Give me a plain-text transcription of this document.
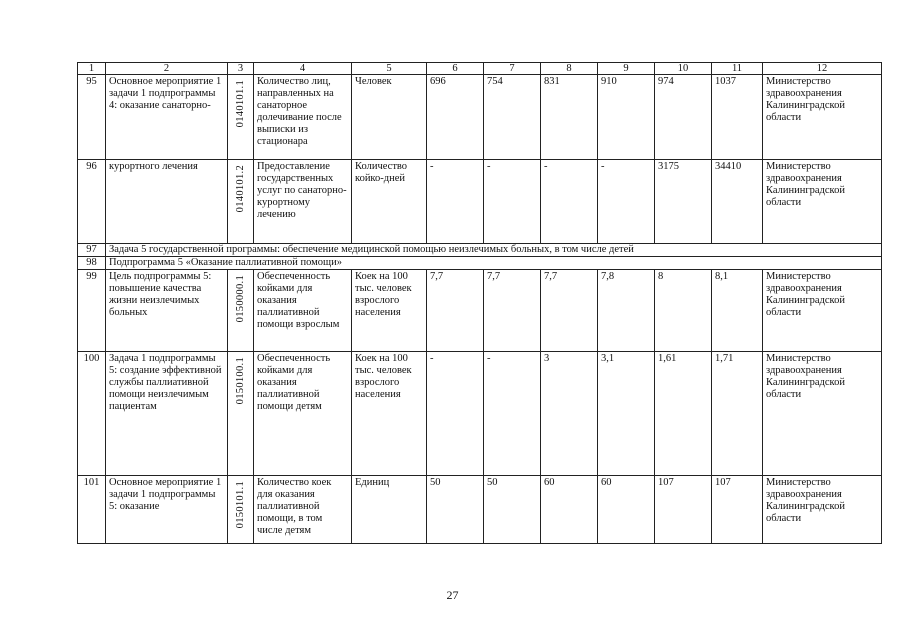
1	2	3	4	5	6	7	8	9	10	11	12
95	Основное мероприятие 1 задачи 1 подпрограммы 4: оказание санаторно-	0140101.1	Количество лиц, направленных на санаторное долечивание после выписки из стационара	Человек	696	754	831	910	974	1037	Министерство здравоохранения Калининградской области
96	курортного лечения	0140101.2	Предоставление государственных услуг по санаторно-курортному лечению	Количество койко-дней	-	-	-	-	3175	34410	Министерство здравоохранения Калининградской области
97	Задача 5 государственной программы: обеспечение медицинской помощью неизлечимых больных, в том числе детей										
98	Подпрограмма 5 «Оказание паллиативной помощи»										
99	Цель подпрограммы 5: повышение качества жизни неизлечимых больных	0150000.1	Обеспеченность койками для оказания паллиативной помощи взрослым	Коек на 100 тыс. человек взрослого населения	7,7	7,7	7,7	7,8	8	8,1	Министерство здравоохранения Калининградской области
100	Задача 1 подпрограммы 5: создание эффективной службы паллиативной помощи неизлечимым пациентам	0150100.1	Обеспеченность койками для оказания паллиативной помощи детям	Коек на 100 тыс. человек взрослого населения	-	-	3	3,1	1,61	1,71	Министерство здравоохранения Калининградской области
101	Основное мероприятие 1 задачи 1 подпрограммы 5: оказание	0150101.1	Количество коек для оказания паллиативной помощи, в том числе детям	Единиц	50	50	60	60	107	107	Министерство здравоохранения Калининградской области
27
